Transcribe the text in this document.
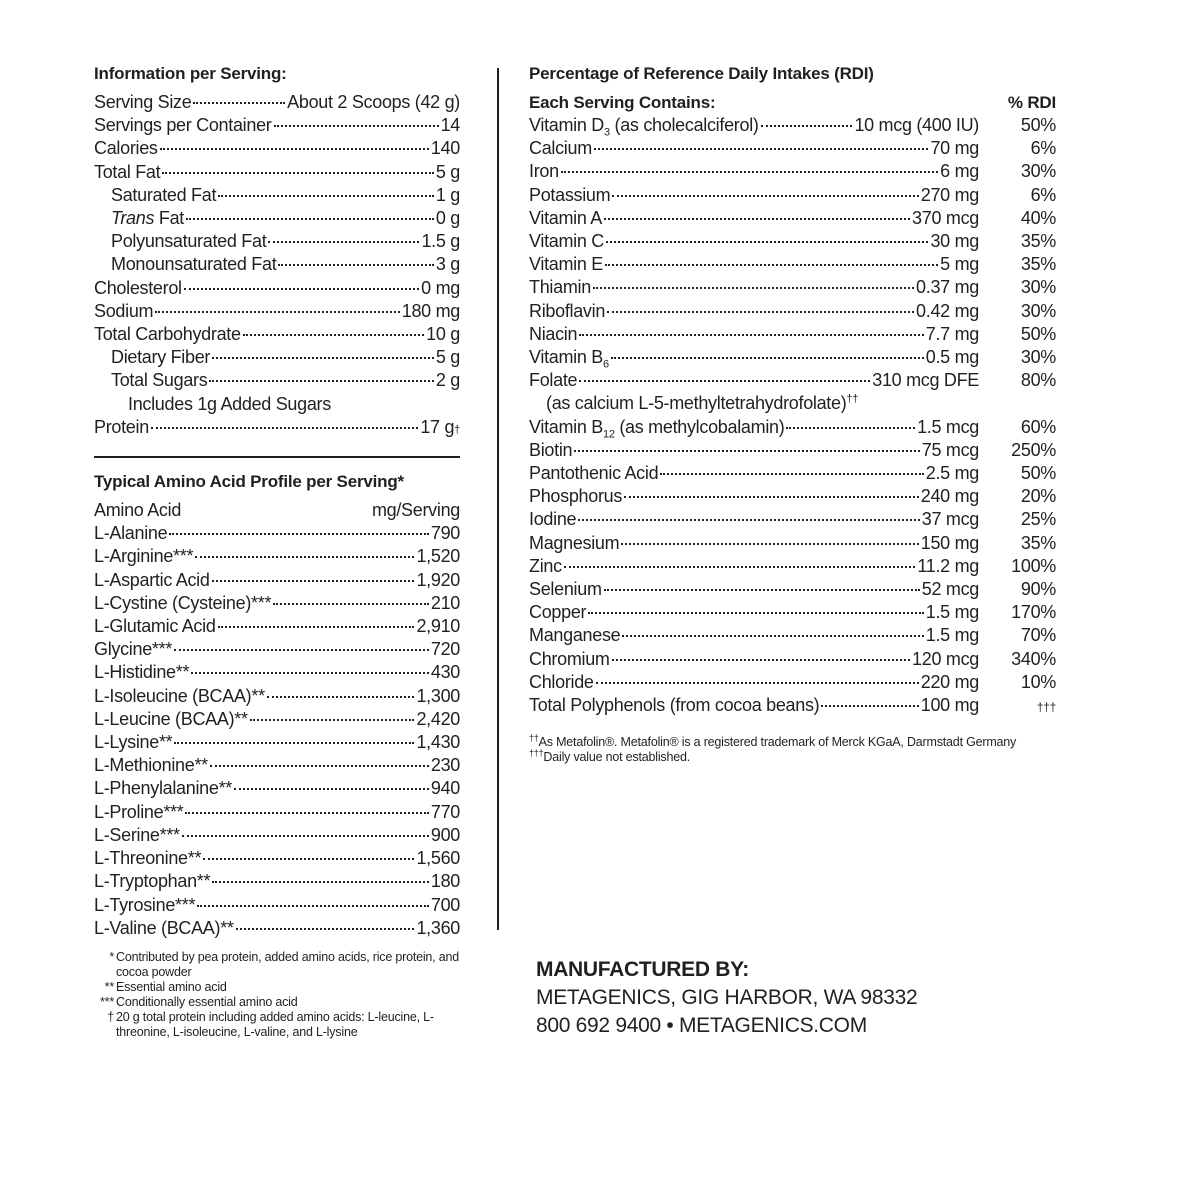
Information per Serving:
Serving Size	About 2 Scoops (42 g)
Servings per Container	14
Calories	140
Total Fat	5 g
Saturated Fat	1 g
Trans Fat	0 g
Polyunsaturated Fat	1.5 g
Monounsaturated Fat	3 g
Cholesterol	0 mg
Sodium	180 mg
Total Carbohydrate	10 g
Dietary Fiber	5 g
Total Sugars	2 g
Includes 1g Added Sugars
Protein	17 g †
Typical Amino Acid Profile per Serving*
Amino Acid	mg/Serving
L-Alanine	790
L-Arginine***	1,520
L-Aspartic Acid	1,920
L-Cystine (Cysteine)***	210
L-Glutamic Acid	2,910
Glycine***	720
L-Histidine**	430
L-Isoleucine (BCAA)**	1,300
L-Leucine (BCAA)**	2,420
L-Lysine**	1,430
L-Methionine**	230
L-Phenylalanine**	940
L-Proline***	770
L-Serine***	900
L-Threonine**	1,560
L-Tryptophan**	180
L-Tyrosine***	700
L-Valine (BCAA)**	1,360
* Contributed by pea protein, added amino acids, rice protein, and cocoa powder
** Essential amino acid
*** Conditionally essential amino acid
† 20 g total protein including added amino acids: L-leucine, L-threonine, L-isoleucine, L-valine, and L-lysine
Percentage of Reference Daily Intakes (RDI)
Each Serving Contains:	% RDI
Vitamin $D_3$ (as cholecalciferol)	10 mcg (400 IU)	50%
Calcium	70 mg	6%
Iron	6 mg	30%
Potassium	270 mg	6%
Vitamin A	370 mcg	40%
Vitamin C	30 mg	35%
Vitamin E	5 mg	35%
Thiamin	0.37 mg	30%
Riboflavin	0.42 mg	30%
Niacin	7.7 mg	50%
Vitamin $B_6$	0.5 mg	30%
Folate	310 mcg DFE	80%
(as calcium L-5-methyltetrahydrofolate)††
Vitamin $B_{12}$ (as methylcobalamin)	1.5 mcg	60%
Biotin	75 mcg	250%
Pantothenic Acid	2.5 mg	50%
Phosphorus	240 mg	20%
Iodine	37 mcg	25%
Magnesium	150 mg	35%
Zinc	11.2 mg	100%
Selenium	52 mcg	90%
Copper	1.5 mg	170%
Manganese	1.5 mg	70%
Chromium	120 mcg	340%
Chloride	220 mg	10%
Total Polyphenols (from cocoa beans)	100 mg	†††
††As Metafolin®. Metafolin® is a registered trademark of Merck KGaA, Darmstadt Germany
†††Daily value not established.
MANUFACTURED BY:
METAGENICS, GIG HARBOR, WA 98332
800 692 9400 • METAGENICS.COM
